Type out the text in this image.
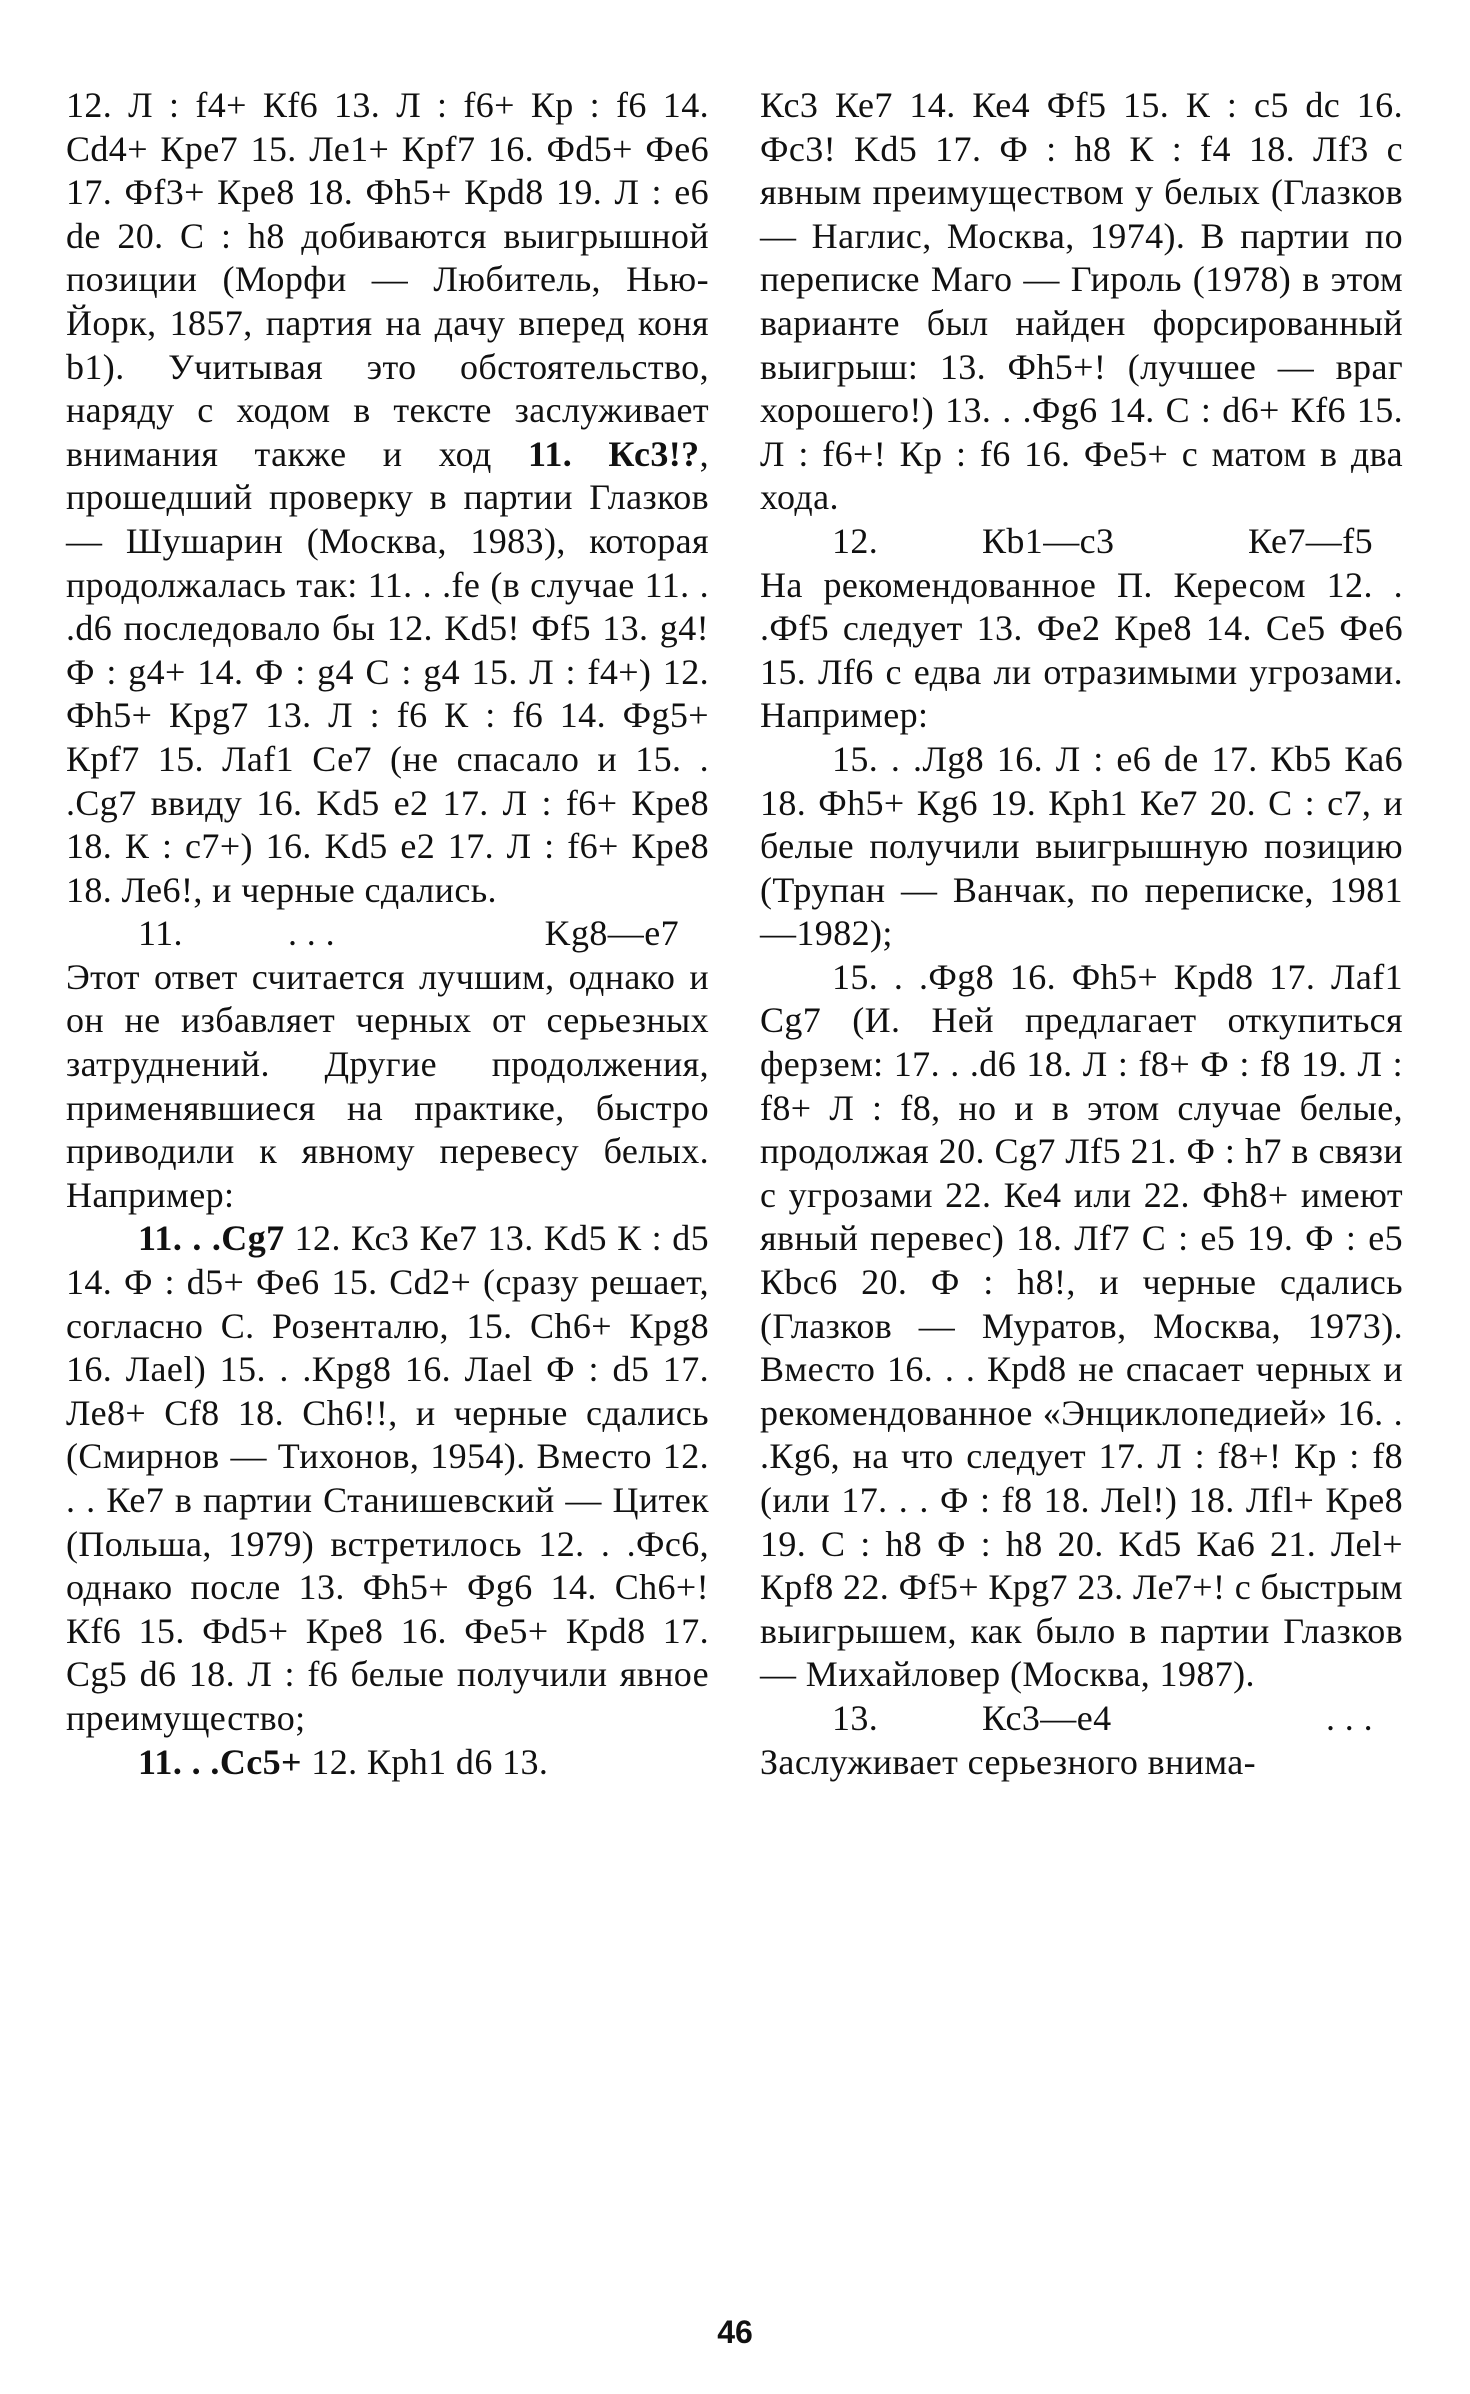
12. Л : f4+ Кf6 13. Л : f6+ Кр : f6 14. Cd4+ Кре7 15. Ле1+ Кpf7 16. Фd5+ Фе6 17. Фf3+ Кре8 18. Фh5+ Кpd8 19. Л : е6 de 20. С : h8 добиваются выигрышной позиции (Морфи — Любитель, Нью-Йорк, 1857, партия на дачу вперед коня b1). Учитывая это обстоятельство, наряду с ходом в тексте заслуживает внимания также и ход 11. Кс3!?, прошедший проверку в партии Глазков — Шушарин (Москва, 1983), которая продолжалась так: 11. . .fe (в случае 11. . .d6 последовало бы 12. Kd5! Фf5 13. g4! Ф : g4+ 14. Ф : g4 С : g4 15. Л : f4+) 12. Фh5+ Крg7 13. Л : f6 К : f6 14. Фg5+ Крf7 15. Лаf1 Се7 (не спасало и 15. . .Cg7 ввиду 16. Kd5 е2 17. Л : f6+ Кре8 18. К : с7+) 16. Kd5 е2 17. Л : f6+ Кре8 18. Ле6!, и черные сдались.

11.	. . .	Kg8—е7

Этот ответ считается лучшим, однако и он не избавляет черных от серьезных затруднений. Другие продолжения, применявшиеся на практике, быстро приводили к явному перевесу белых. Например:

11. . .Cg7 12. Кс3 Ке7 13. Kd5 К : d5 14. Ф : d5+ Фе6 15. Cd2+ (сразу решает, согласно С. Розенталю, 15. Ch6+ Крg8 16. Лаеl) 15. . .Крg8 16. Лаеl Ф : d5 17. Ле8+ Cf8 18. Ch6!!, и черные сдались (Смирнов — Тихонов, 1954). Вместо 12. . . Ке7 в партии Станишевский — Цитек (Польша, 1979) встретилось 12. . .Фс6, однако после 13. Фh5+ Фg6 14. Ch6+! Кf6 15. Фd5+ Кре8 16. Фе5+ Кpd8 17. Cg5 d6 18. Л : f6 белые получили явное преимущество;

11. . .Cc5+ 12. Крh1 d6 13.

Кс3 Ке7 14. Ке4 Фf5 15. К : с5 dc 16. Фс3! Kd5 17. Ф : h8 К : f4 18. Лf3 с явным преимуществом у белых (Глазков — Наглис, Москва, 1974). В партии по переписке Маго — Гироль (1978) в этом варианте был найден форсированный выигрыш: 13. Фh5+! (лучшее — враг хорошего!) 13. . .Фg6 14. С : d6+ Кf6 15. Л : f6+! Кр : f6 16. Фе5+ с матом в два хода.

12.	Кb1—с3	Ке7—f5

На рекомендованное П. Кересом 12. . .Фf5 следует 13. Фе2 Кре8 14. Се5 Фе6 15. Лf6 с едва ли отразимыми угрозами. Например:

15. . .Лg8 16. Л : е6 de 17. Кb5 Ка6 18. Фh5+ Кg6 19. Крh1 Ке7 20. С : с7, и белые получили выигрышную позицию (Трупан — Ванчак, по переписке, 1981—1982);

15. . .Фg8 16. Фh5+ Кpd8 17. Лаf1 Cg7 (И. Ней предлагает откупиться ферзем: 17. . .d6 18. Л : f8+ Ф : f8 19. Л : f8+ Л : f8, но и в этом случае белые, продолжая 20. Cg7 Лf5 21. Ф : h7 в связи с угрозами 22. Ке4 или 22. Фh8+ имеют явный перевес) 18. Лf7 С : е5 19. Ф : е5 Кbc6 20. Ф : h8!, и черные сдались (Глазков — Муратов, Москва, 1973). Вместо 16. . . Кpd8 не спасает черных и рекомендованное «Энциклопедией» 16. . .Кg6, на что следует 17. Л : f8+! Кр : f8 (или 17. . . Ф : f8 18. Леl!) 18. Лfl+ Кре8 19. С : h8 Ф : h8 20. Kd5 Ка6 21. Леl+ Кpf8 22. Фf5+ Кpg7 23. Ле7+! с быстрым выигрышем, как было в партии Глазков — Михайловер (Москва, 1987).

13.	Кс3—е4	. . .

Заслуживает серьезного внима-

46
